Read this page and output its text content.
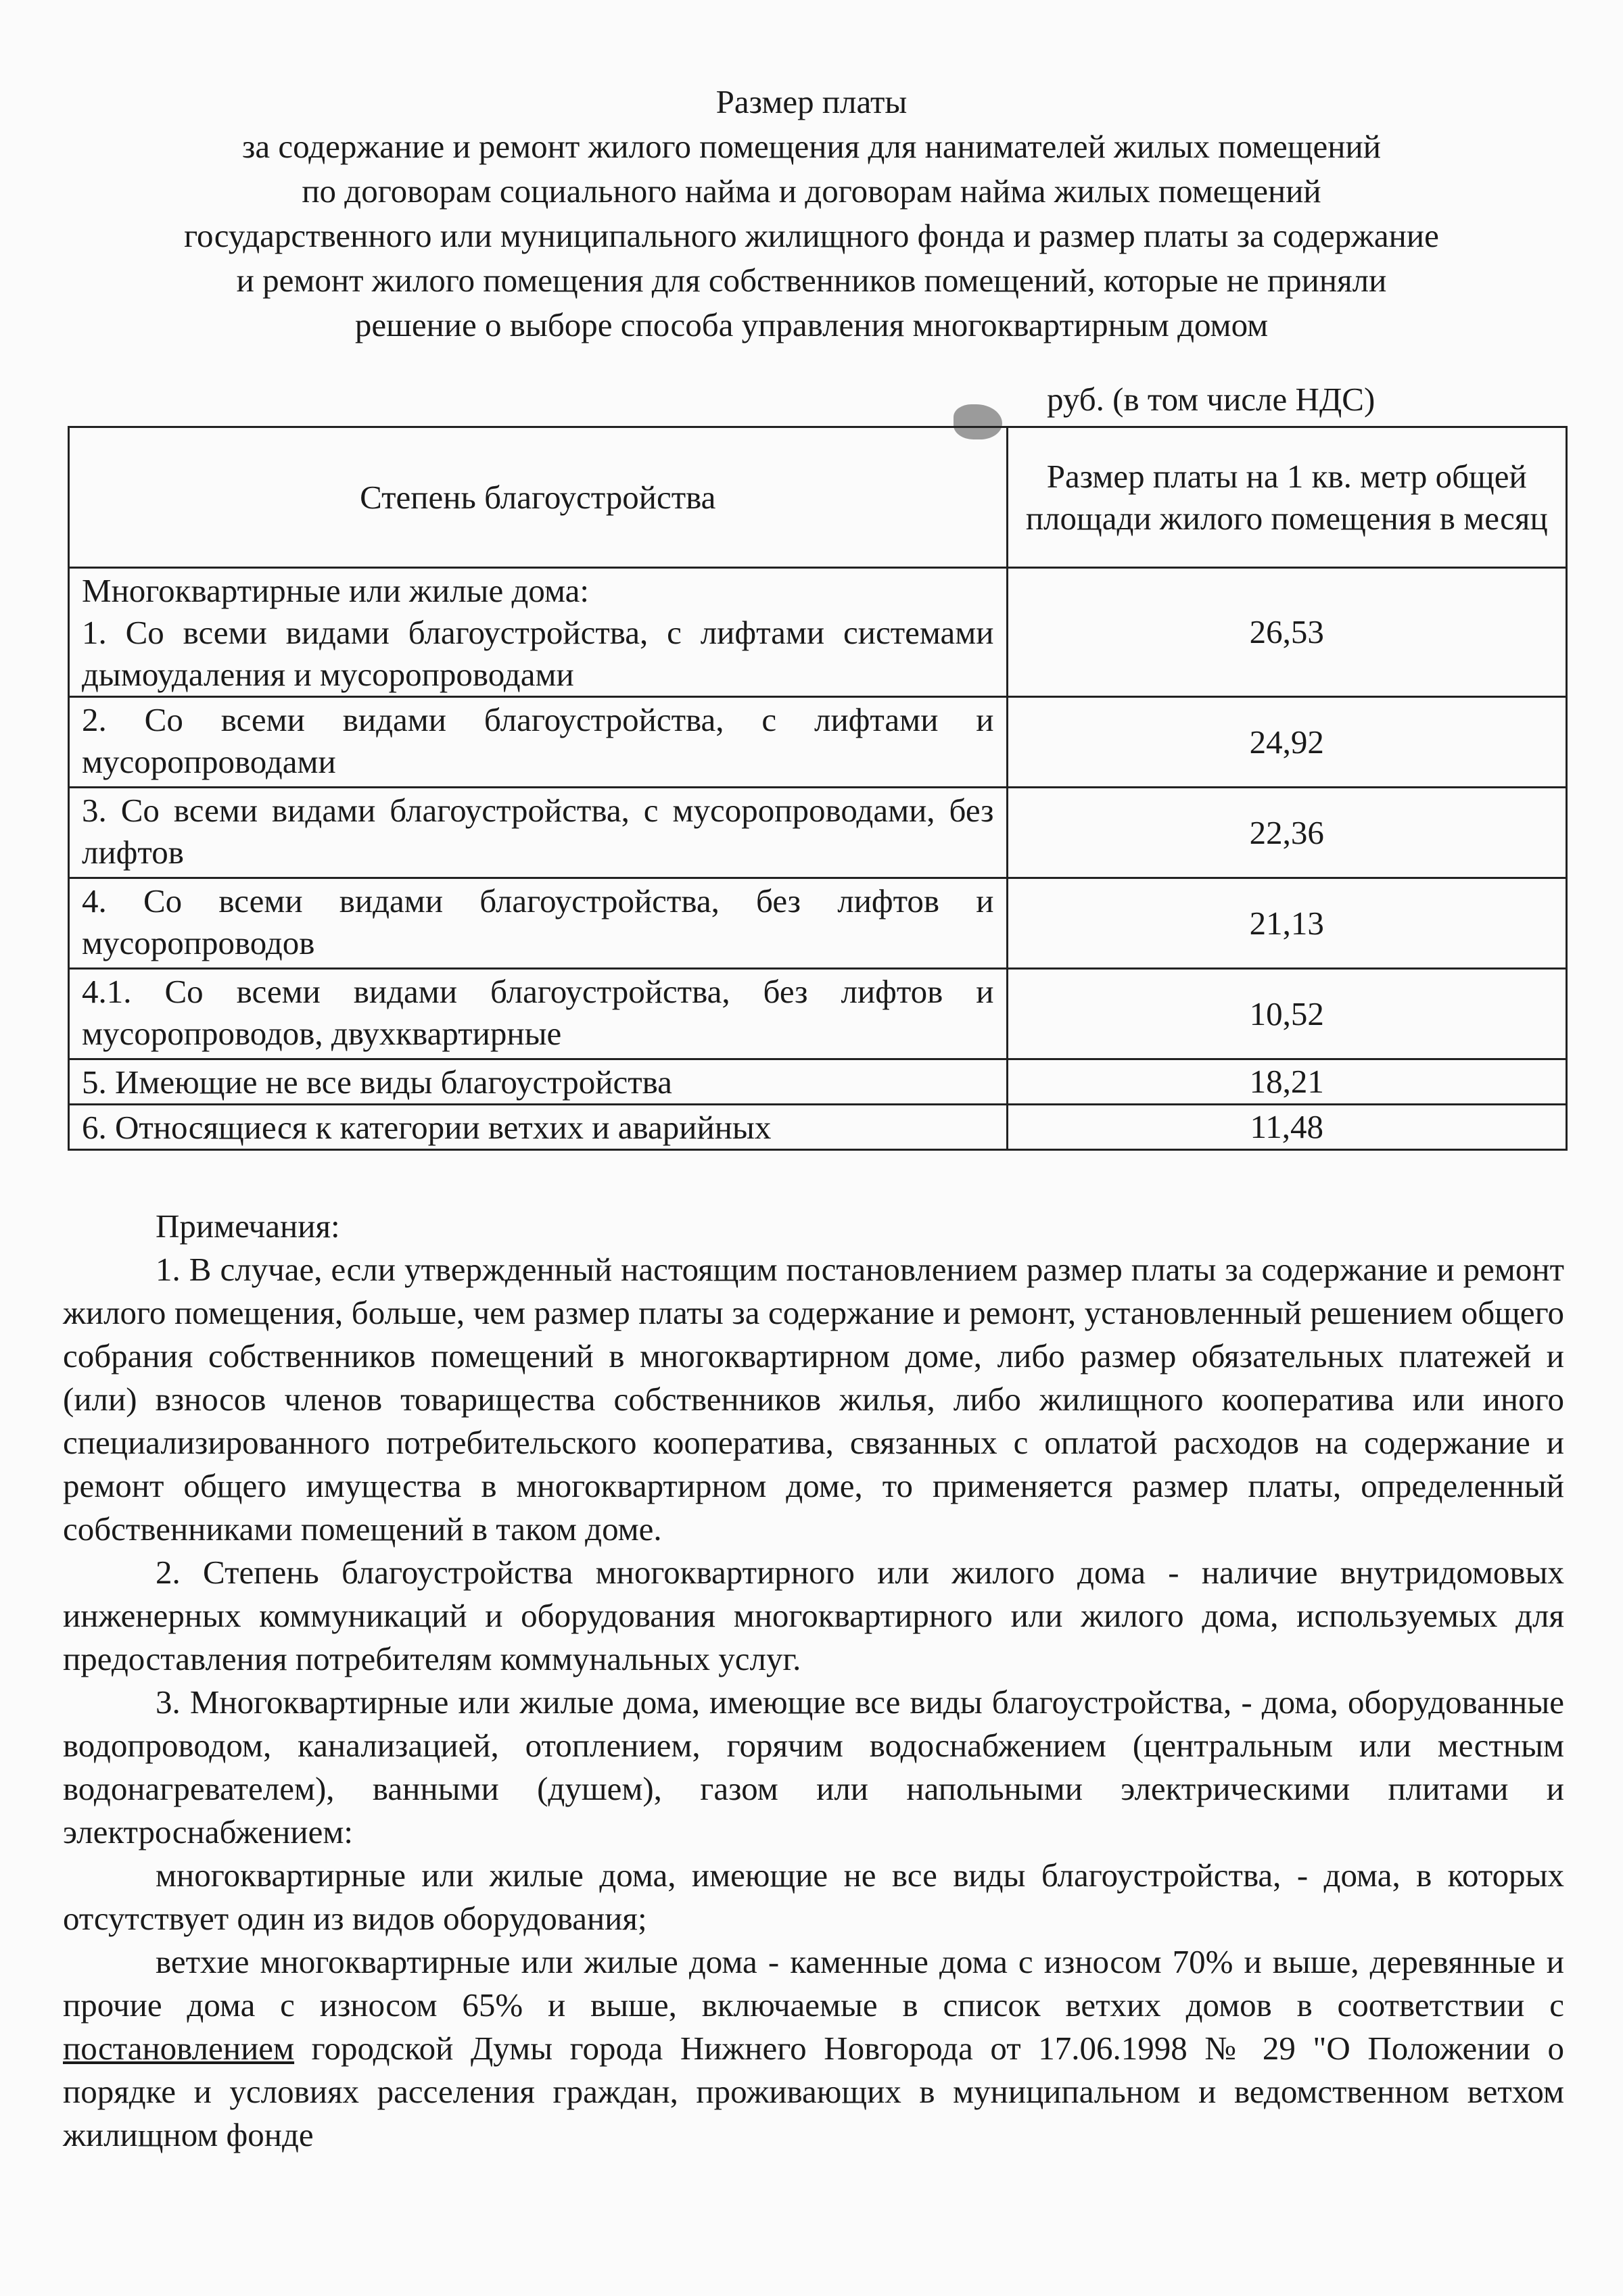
Размер платы
за содержание и ремонт жилого помещения для нанимателей жилых помещений
по договорам социального найма и договорам найма жилых помещений
государственного или муниципального жилищного фонда и размер платы за содержание
и ремонт жилого помещения для собственников помещений, которые не приняли
решение о выборе способа управления многоквартирным домом
руб. (в том числе НДС)
Степень благоустройства	Размер платы на 1 кв. метр общей площади жилого помещения в месяц
Многоквартирные или жилые дома:
1. Со всеми видами благоустройства, с лифтами системами дымоудаления и мусоропроводами	26,53
2. Со всеми видами благоустройства, с лифтами и мусоропроводами	24,92
3. Со всеми видами благоустройства, с мусоропроводами, без лифтов	22,36
4. Со всеми видами благоустройства, без лифтов и мусоропроводов	21,13
4.1. Со всеми видами благоустройства, без лифтов и мусоропроводов, двухквартирные	10,52
5. Имеющие не все виды благоустройства	18,21
6. Относящиеся к категории ветхих и аварийных	11,48

Примечания:

1. В случае, если утвержденный настоящим постановлением размер платы за содержание и ремонт жилого помещения, больше, чем размер платы за содержание и ремонт, установленный решением общего собрания собственников помещений в многоквартирном доме, либо размер обязательных платежей и (или) взносов членов товарищества собственников жилья, либо жилищного кооператива или иного специализированного потребительского кооператива, связанных с оплатой расходов на содержание и ремонт общего имущества в многоквартирном доме, то применяется размер платы, определенный собственниками помещений в таком доме.

2. Степень благоустройства многоквартирного или жилого дома - наличие внутридомовых инженерных коммуникаций и оборудования многоквартирного или жилого дома, используемых для предоставления потребителям коммунальных услуг.

3. Многоквартирные или жилые дома, имеющие все виды благоустройства, - дома, оборудованные водопроводом, канализацией, отоплением, горячим водоснабжением (центральным или местным водонагревателем), ванными (душем), газом или напольными электрическими плитами и электроснабжением:

многоквартирные или жилые дома, имеющие не все виды благоустройства, - дома, в которых отсутствует один из видов оборудования;

ветхие многоквартирные или жилые дома - каменные дома с износом 70% и выше, деревянные и прочие дома с износом 65% и выше, включаемые в список ветхих домов в соответствии с постановлением городской Думы города Нижнего Новгорода от 17.06.1998 № 29 "О Положении о порядке и условиях расселения граждан, проживающих в муниципальном и ведомственном ветхом жилищном фонде
